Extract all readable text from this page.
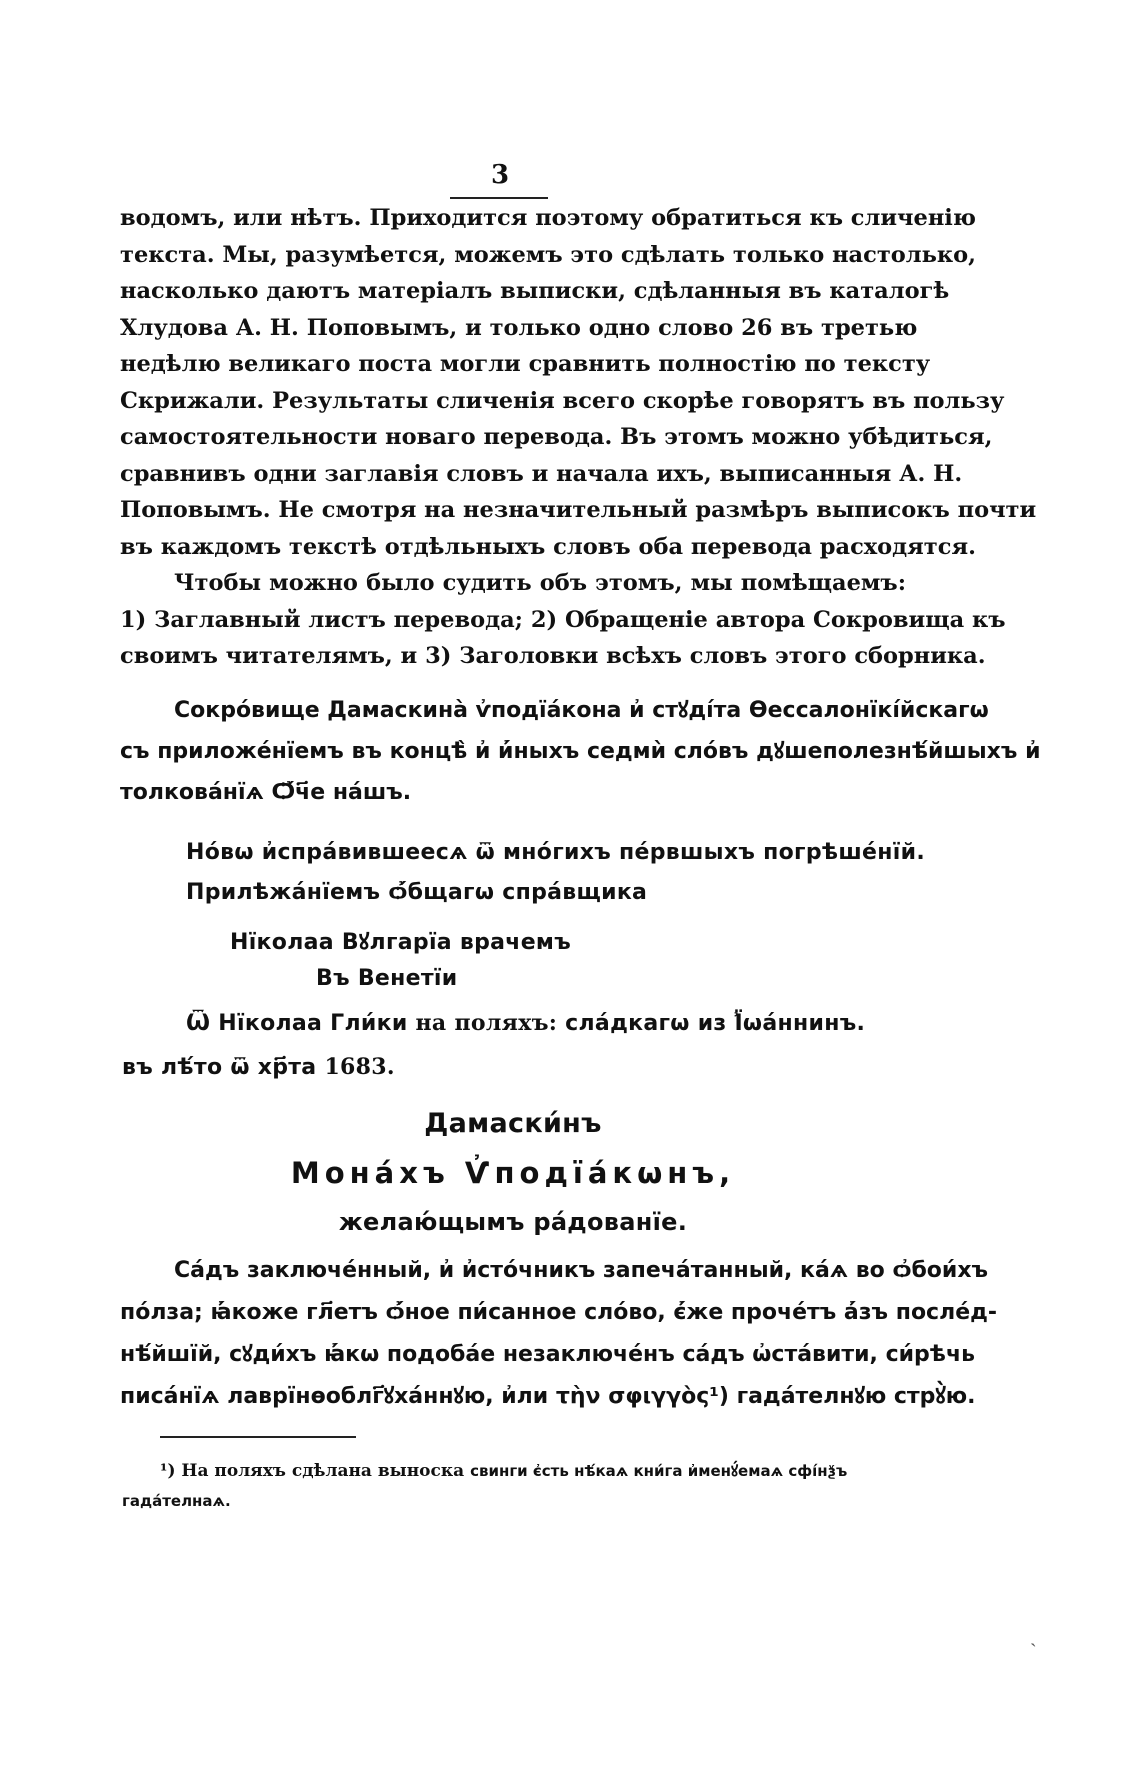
3
водомъ, или нѣтъ. Приходится поэтому обратиться къ сличенію
текста. Мы, разумѣется, можемъ это сдѣлать только настолько,
насколько даютъ матеріалъ выписки, сдѣланныя въ каталогѣ
Хлудова А. Н. Поповымъ, и только одно слово 26 въ третью
недѣлю великаго поста могли сравнить полностію по тексту
Скрижали. Результаты сличенія всего скорѣе говорятъ въ пользу
самостоятельности новаго перевода. Въ этомъ можно убѣдиться,
сравнивъ одни заглавія словъ и начала ихъ, выписанныя А. Н.
Поповымъ. Не смотря на незначительный размѣръ выписокъ почти
въ каждомъ текстѣ отдѣльныхъ словъ оба перевода расходятся.
Чтобы можно было судить объ этомъ, мы помѣщаемъ:
1) Заглавный листъ перевода; 2) Обращеніе автора Сокровища къ
своимъ читателямъ, и 3) Заголовки всѣхъ словъ этого сборника.
Сокро́вище Дамаскина̀ ѵ҆подїа́кона и҆ стꙋді́та Ѳессалонїкі́йскагѡ
съ приложе́нїемъ въ концѣ̀ и҆ и҆́ныхъ седмѝ сло́въ дꙋшеполезнѣ́йшыхъ и҆
толкова́нїѧ Ѻ҆́ч҃е на́шъ.
Но́вѡ и҆спра́вившеесѧ ѿ мно́гихъ пе́рвшыхъ погрѣше́нїй.
Прилѣжа́нїемъ ѻ҆́бщагѡ спра́вщика
Нїколаа Вꙋлгарїа врачемъ
Въ Венетїи
Ѿ Нїколаа Гли́ки на поляхъ: сла́дкагѡ из Ї҆ѡа́ннинъ.
въ лѣ́то ѿ хр҃та 1683.
Дамаски́нъ
Мона́хъ Ѵ҆подїа́кѡнъ,
желаю́щымъ ра́дованїе.
Са́дъ заключе́нный, и҆ и҆сто́чникъ запеча́танный, ка́ѧ во ѻ҆бои́хъ
по́лза; ꙗ҆́коже гл҃етъ ѻ҆́ное пи́санное сло́во, є҆́же проче́тъ а҆́зъ после́д-
нѣ́йшїй, сꙋди́хъ ꙗ҆́кѡ подоба́е незаключе́нъ са́дъ ѡ҆ста́вити, си́рѣчь
писа́нїѧ лаврїнѳоблг҃ꙋха́ннꙋю, и҆ли τὴν σφιγγὸς¹) гада́телнꙋю стрꙋ̀ю.
¹) На поляхъ сдѣлана выноска свинги є҆сть нѣ́каѧ кни́га и҆менꙋ́емаѧ сфі́нѯъ
гада́телнаѧ.
ˏ
